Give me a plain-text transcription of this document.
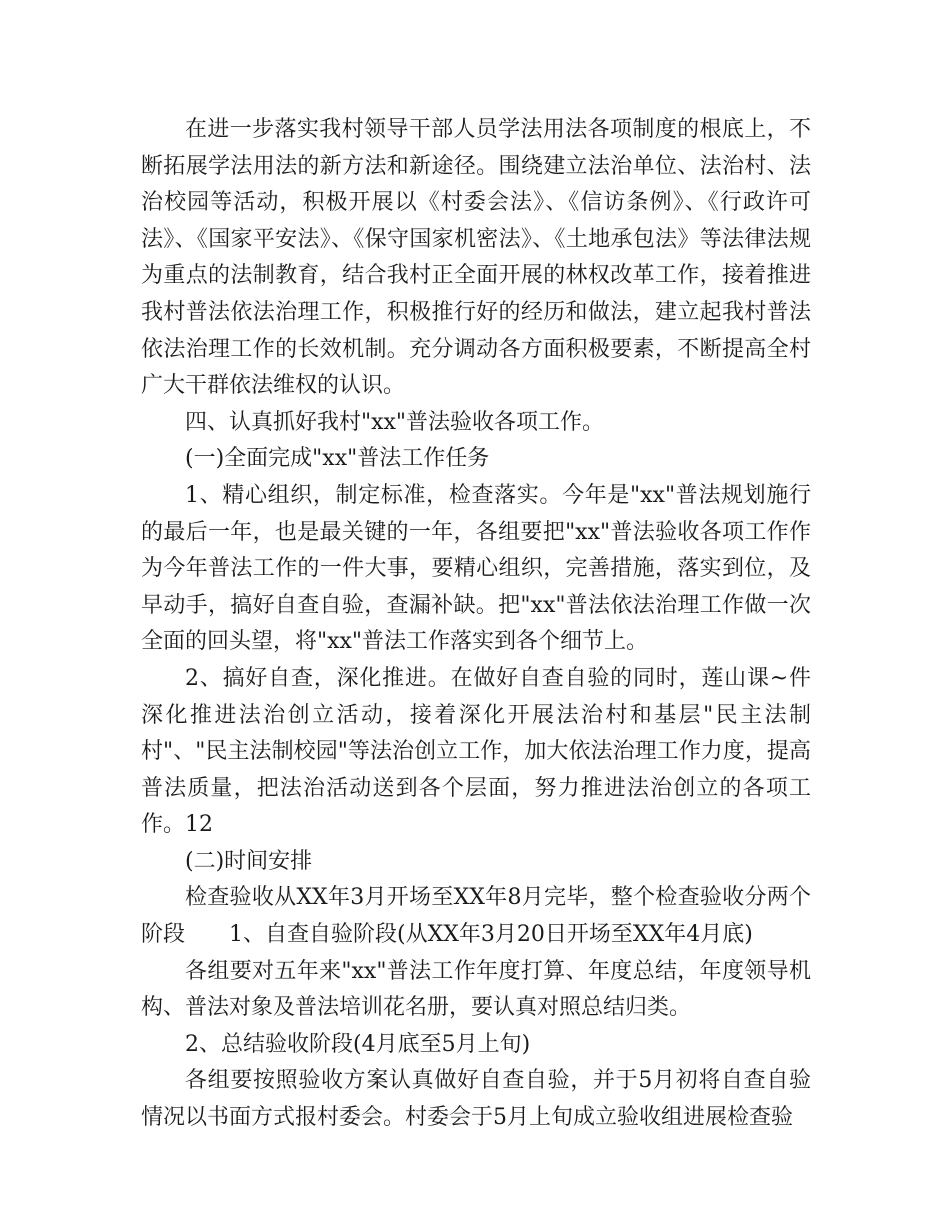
在进一步落实我村领导干部人员学法用法各项制度的根底上，不断拓展学法用法的新方法和新途径。围绕建立法治单位、法治村、法治校园等活动，积极开展以《村委会法》、《信访条例》、《行政许可法》、《国家平安法》、《保守国家机密法》、《土地承包法》等法律法规为重点的法制教育，结合我村正全面开展的林权改革工作，接着推进我村普法依法治理工作，积极推行好的经历和做法，建立起我村普法依法治理工作的长效机制。充分调动各方面积极要素，不断提高全村广大干群依法维权的认识。

四、认真抓好我村"xx"普法验收各项工作。

(一)全面完成"xx"普法工作任务

1、精心组织，制定标准，检查落实。今年是"xx"普法规划施行的最后一年，也是最关键的一年，各组要把"xx"普法验收各项工作作为今年普法工作的一件大事，要精心组织，完善措施，落实到位，及早动手，搞好自查自验，查漏补缺。把"xx"普法依法治理工作做一次全面的回头望，将"xx"普法工作落实到各个细节上。

2、搞好自查，深化推进。在做好自查自验的同时，莲山课~件深化推进法治创立活动，接着深化开展法治村和基层"民主法制村"、"民主法制校园"等法治创立工作，加大依法治理工作力度，提高普法质量，把法治活动送到各个层面，努力推进法治创立的各项工作。12

(二)时间安排

检查验收从XX年3月开场至XX年8月完毕，整个检查验收分两个阶段　　1、自查自验阶段(从XX年3月20日开场至XX年4月底)

各组要对五年来"xx"普法工作年度打算、年度总结，年度领导机构、普法对象及普法培训花名册，要认真对照总结归类。

2、总结验收阶段(4月底至5月上旬)

各组要按照验收方案认真做好自查自验，并于5月初将自查自验情况以书面方式报村委会。村委会于5月上旬成立验收组进展检查验
